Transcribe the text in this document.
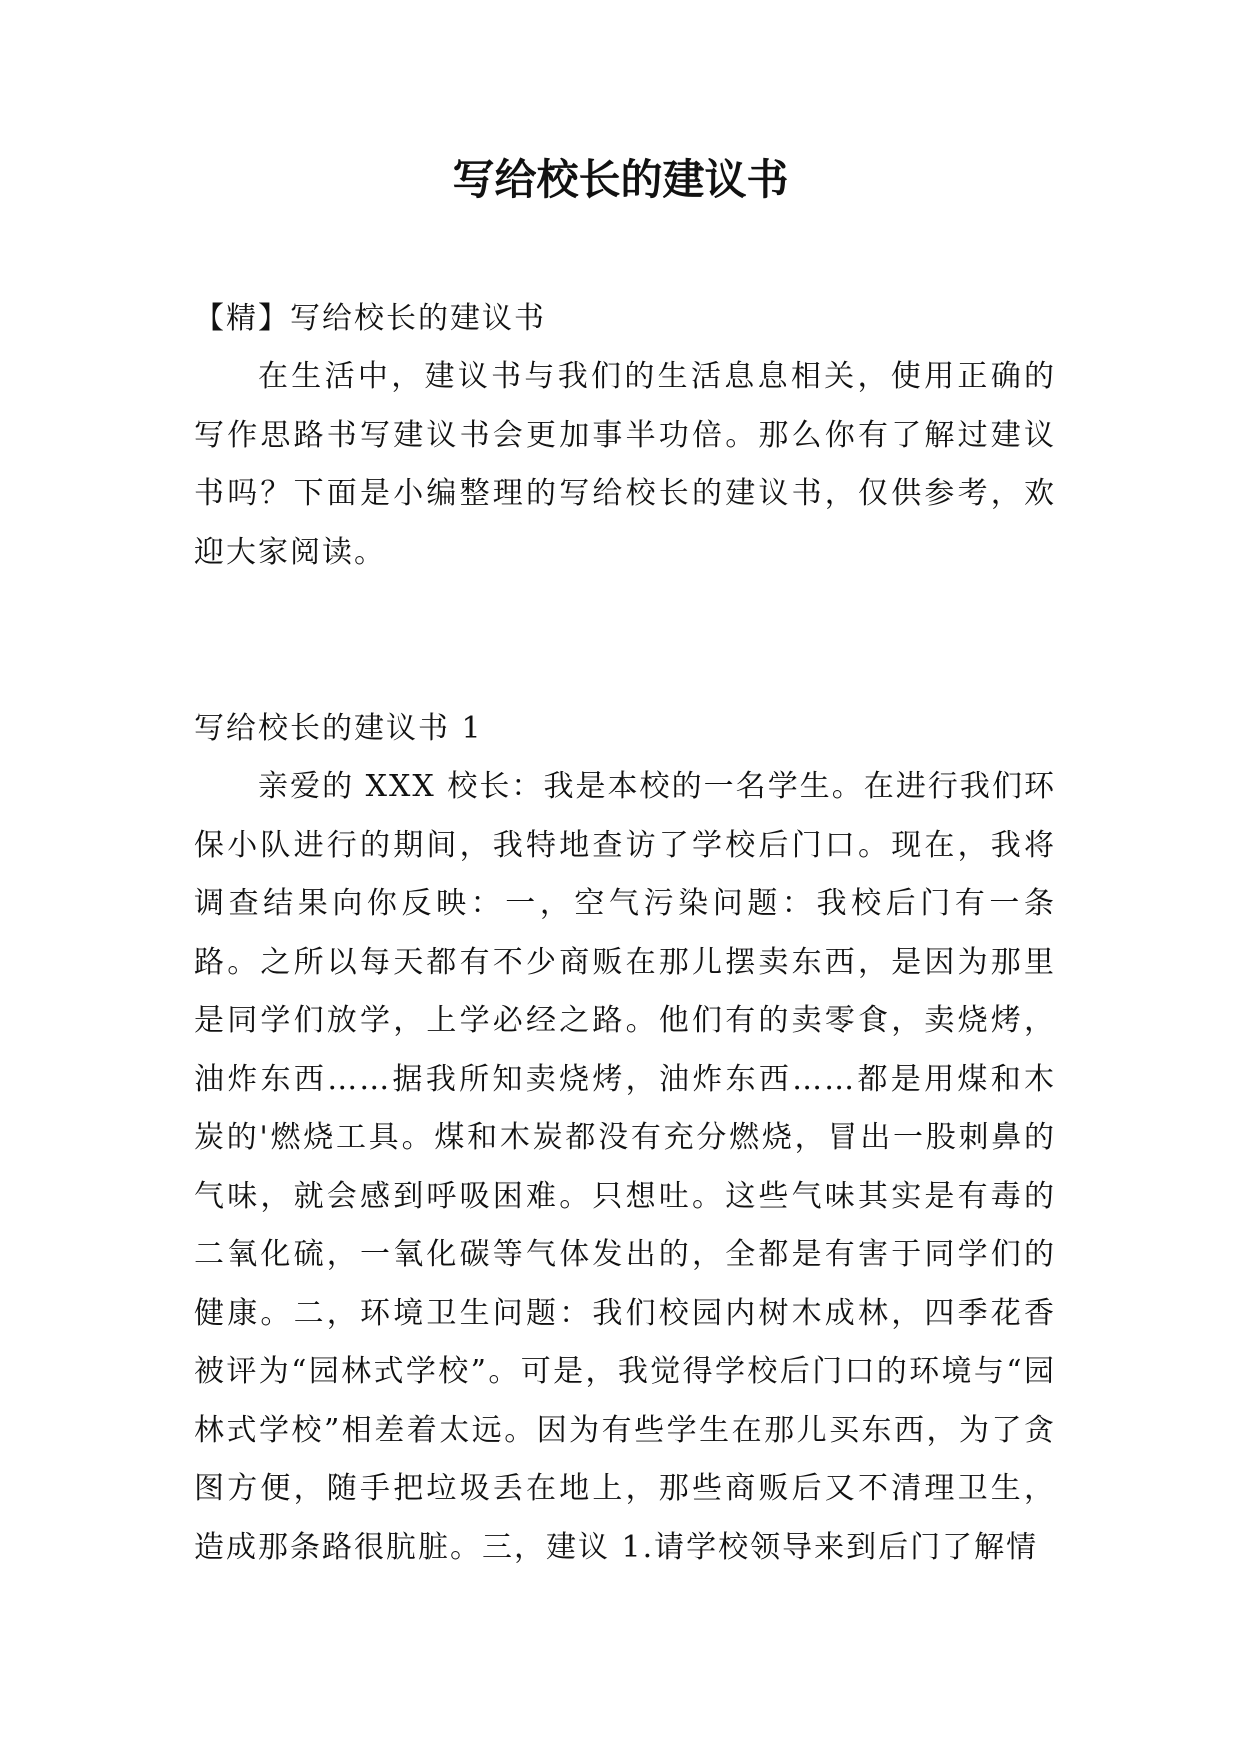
写给校长的建议书

【精】写给校长的建议书

在生活中，建议书与我们的生活息息相关，使用正确的写作思路书写建议书会更加事半功倍。那么你有了解过建议书吗？下面是小编整理的写给校长的建议书，仅供参考，欢迎大家阅读。

写给校长的建议书 1

亲爱的 XXX 校长：我是本校的一名学生。在进行我们环保小队进行的期间，我特地查访了学校后门口。现在，我将调查结果向你反映：一，空气污染问题：我校后门有一条路。之所以每天都有不少商贩在那儿摆卖东西，是因为那里是同学们放学，上学必经之路。他们有的卖零食，卖烧烤，油炸东西……据我所知卖烧烤，油炸东西……都是用煤和木炭的'燃烧工具。煤和木炭都没有充分燃烧，冒出一股刺鼻的气味，就会感到呼吸困难。只想吐。这些气味其实是有毒的二氧化硫，一氧化碳等气体发出的，全都是有害于同学们的健康。二，环境卫生问题：我们校园内树木成林，四季花香被评为“园林式学校”。可是，我觉得学校后门口的环境与“园林式学校”相差着太远。因为有些学生在那儿买东西，为了贪图方便，随手把垃圾丢在地上，那些商贩后又不清理卫生，造成那条路很肮脏。三，建议 1.请学校领导来到后门了解情
